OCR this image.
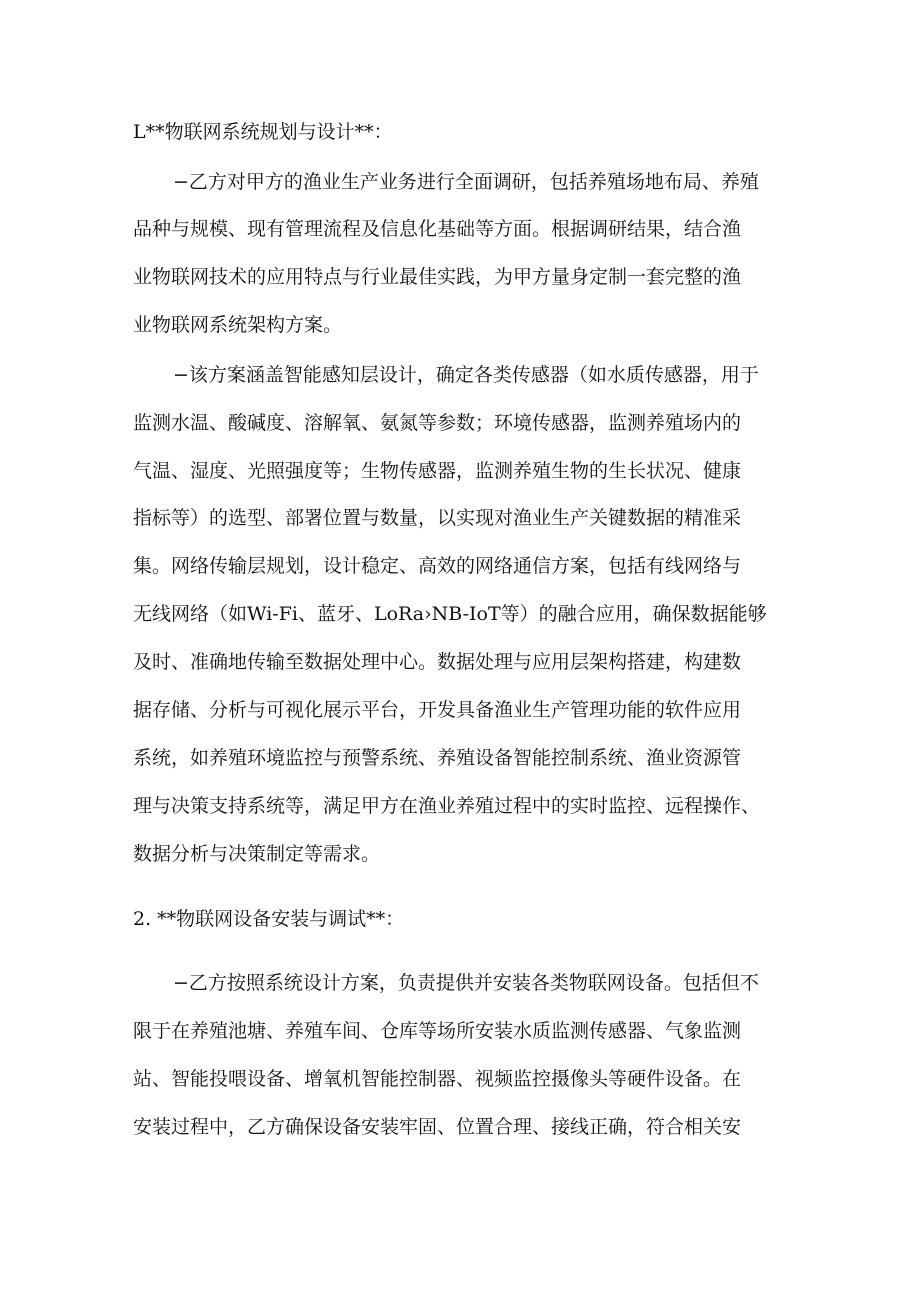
L**物联网系统规划与设计**：
−乙方对甲方的渔业生产业务进行全面调研，包括养殖场地布局、养殖
品种与规模、现有管理流程及信息化基础等方面。根据调研结果，结合渔
业物联网技术的应用特点与行业最佳实践，为甲方量身定制一套完整的渔
业物联网系统架构方案。
−该方案涵盖智能感知层设计，确定各类传感器（如水质传感器，用于
监测水温、酸碱度、溶解氧、氨氮等参数；环境传感器，监测养殖场内的
气温、湿度、光照强度等；生物传感器，监测养殖生物的生长状况、健康
指标等）的选型、部署位置与数量，以实现对渔业生产关键数据的精准采
集。网络传输层规划，设计稳定、高效的网络通信方案，包括有线网络与
无线网络（如Wi-Fi、蓝牙、LoRa›NB-IoT等）的融合应用，确保数据能够
及时、准确地传输至数据处理中心。数据处理与应用层架构搭建，构建数
据存储、分析与可视化展示平台，开发具备渔业生产管理功能的软件应用
系统，如养殖环境监控与预警系统、养殖设备智能控制系统、渔业资源管
理与决策支持系统等，满足甲方在渔业养殖过程中的实时监控、远程操作、
数据分析与决策制定等需求。
2. **物联网设备安装与调试**：
−乙方按照系统设计方案，负责提供并安装各类物联网设备。包括但不
限于在养殖池塘、养殖车间、仓库等场所安装水质监测传感器、气象监测
站、智能投喂设备、增氧机智能控制器、视频监控摄像头等硬件设备。在
安装过程中，乙方确保设备安装牢固、位置合理、接线正确，符合相关安
